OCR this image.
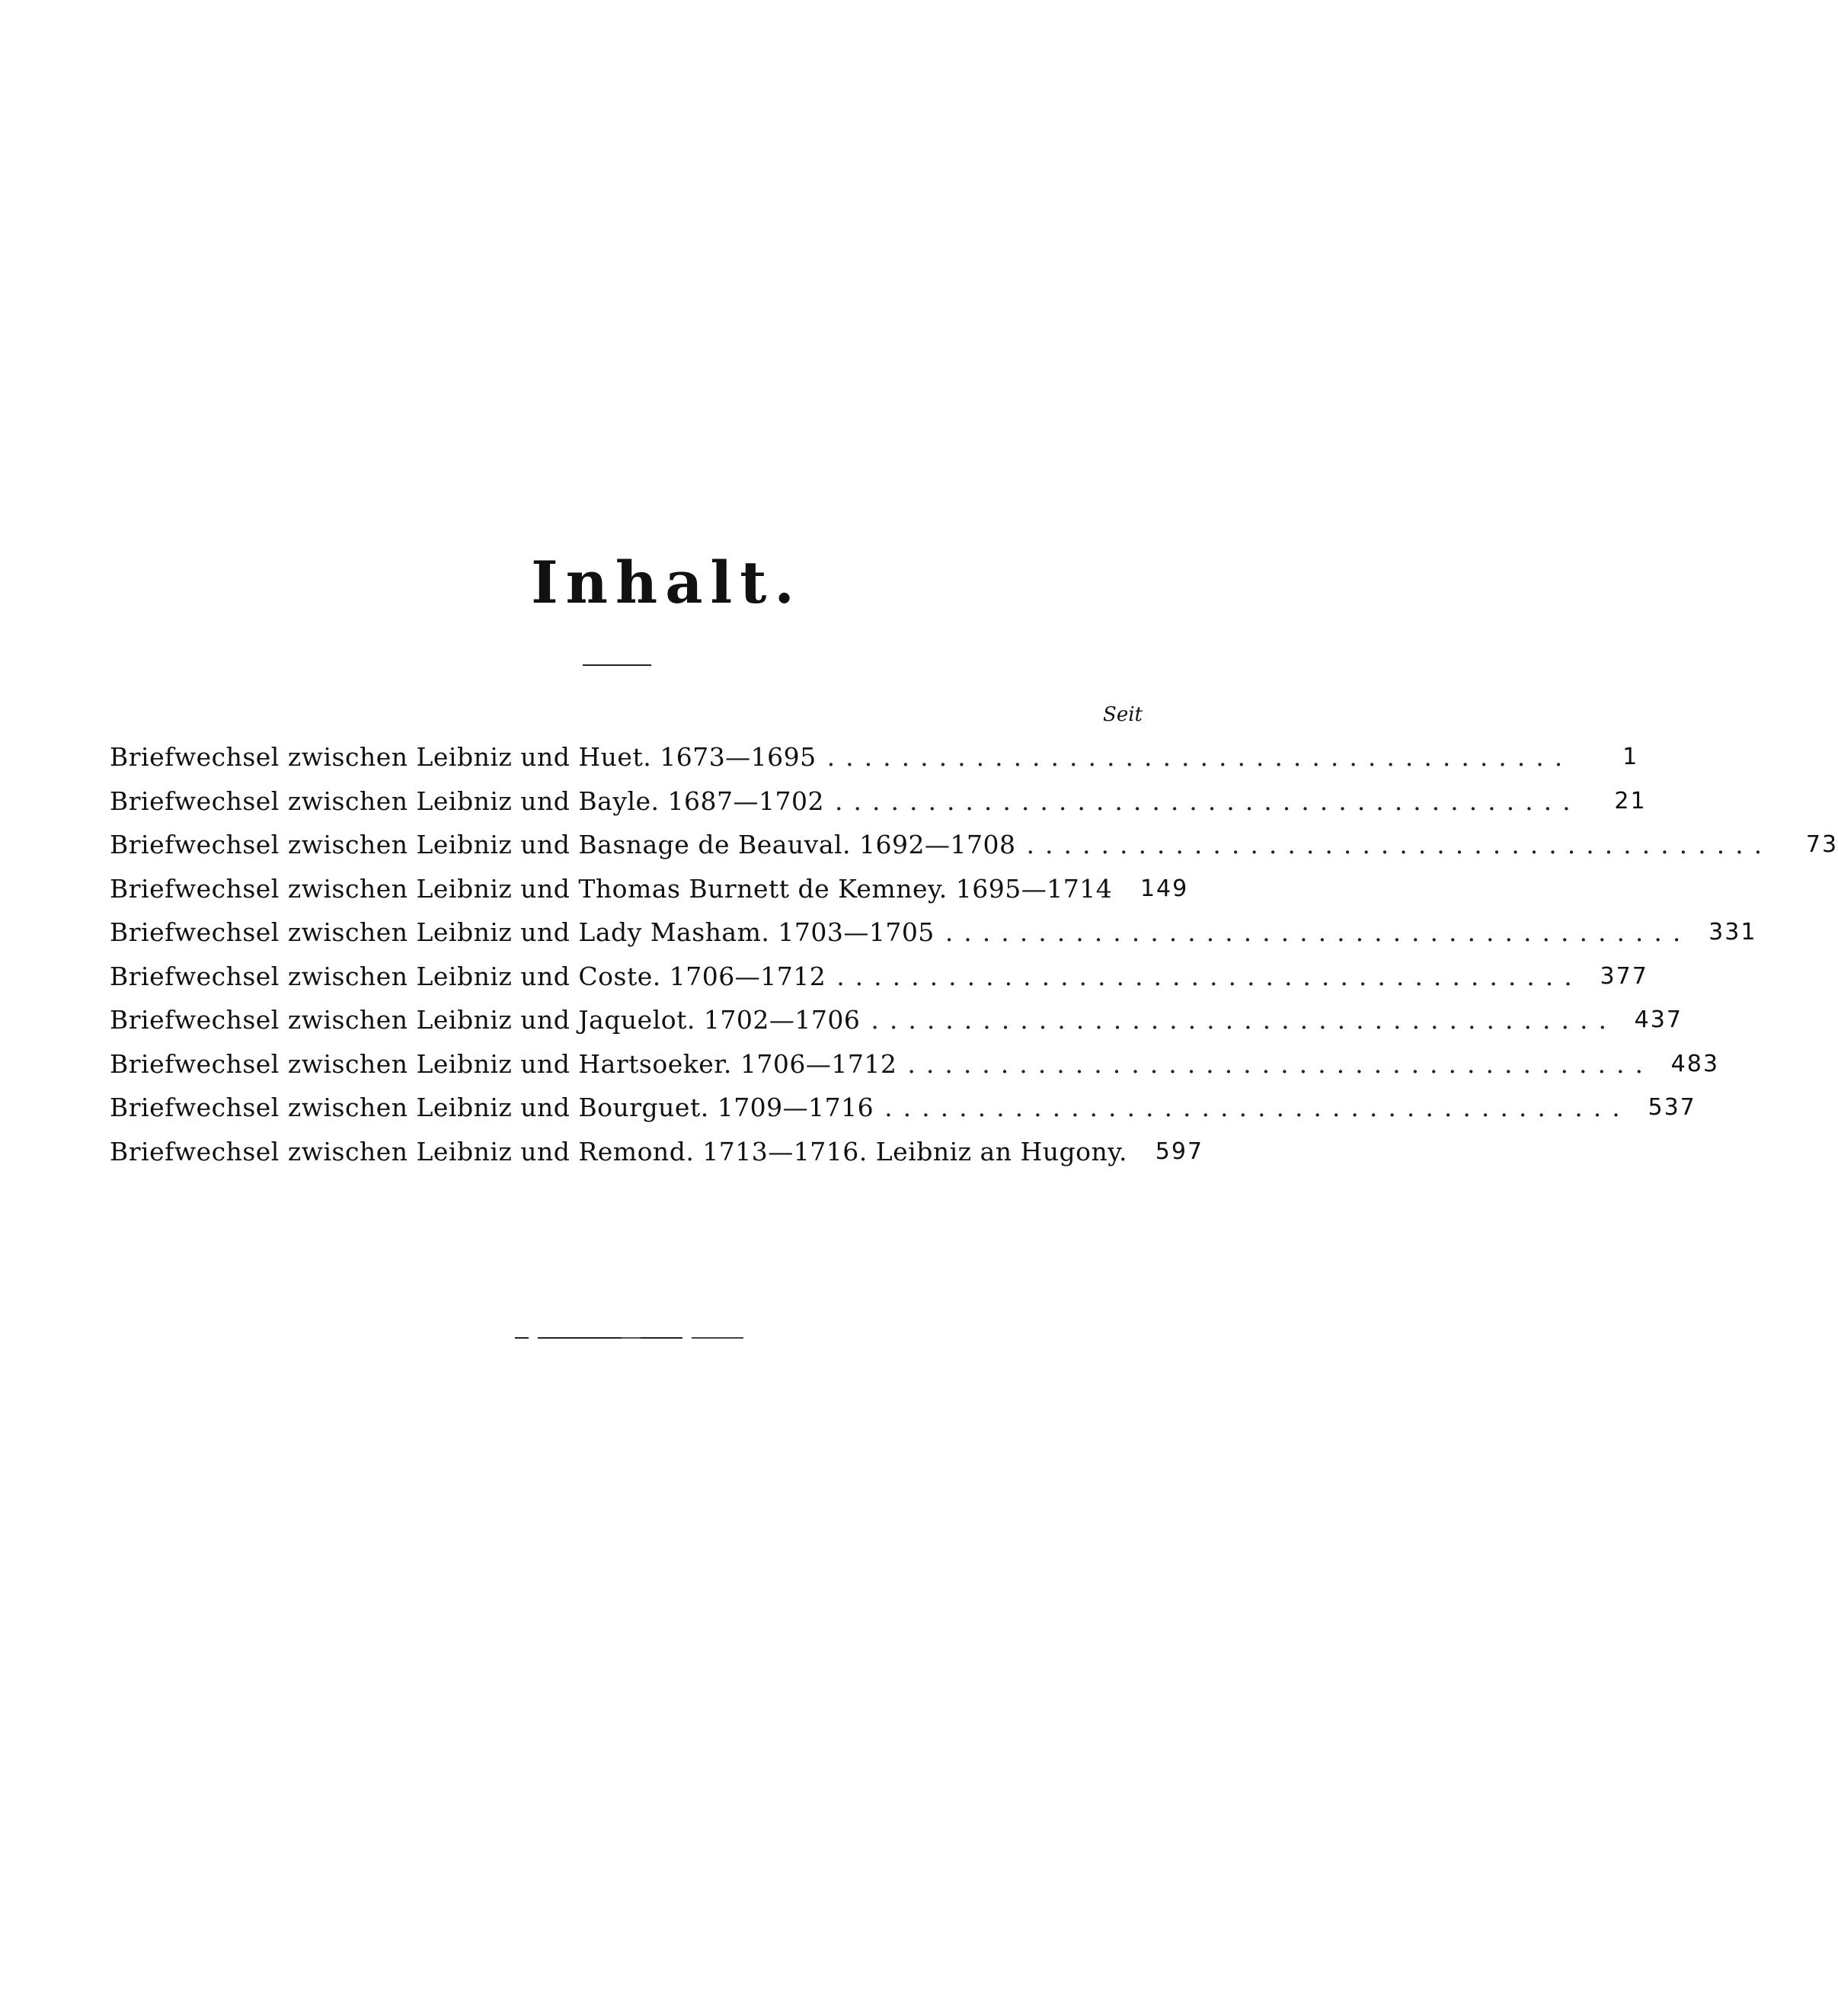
Inhalt.
Seit
Briefwechsel zwischen Leibniz und Huet. 1673—1695 ........................................	1
Briefwechsel zwischen Leibniz und Bayle. 1687—1702 ........................................	21
Briefwechsel zwischen Leibniz und Basnage de Beauval. 1692—1708 ........................................	73
Briefwechsel zwischen Leibniz und Thomas Burnett de Kemney. 1695—1714 149
Briefwechsel zwischen Leibniz und Lady Masham. 1703—1705 ........................................ 331
Briefwechsel zwischen Leibniz und Coste. 1706—1712 ........................................ 377
Briefwechsel zwischen Leibniz und Jaquelot. 1702—1706 ........................................ 437
Briefwechsel zwischen Leibniz und Hartsoeker. 1706—1712 ........................................ 483
Briefwechsel zwischen Leibniz und Bourguet. 1709—1716 ........................................ 537
Briefwechsel zwischen Leibniz und Remond. 1713—1716. Leibniz an Hugony. 597
